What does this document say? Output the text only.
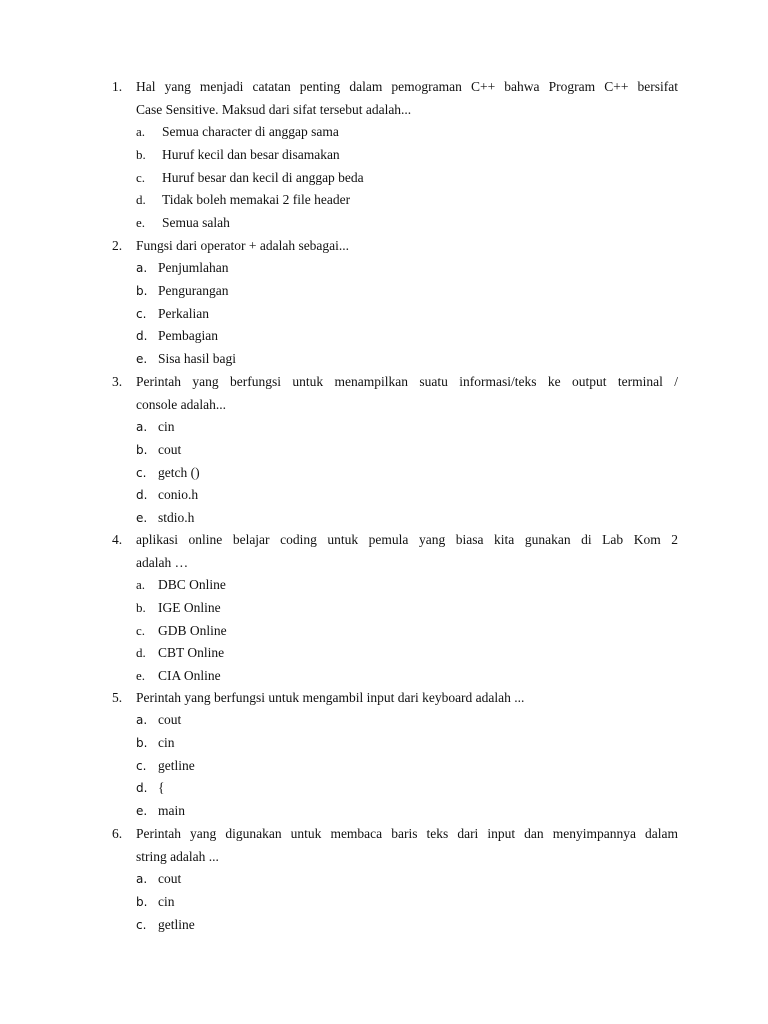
1. Hal yang menjadi catatan penting dalam pemograman C++ bahwa Program C++ bersifat
Case Sensitive. Maksud dari sifat tersebut adalah...
a. Semua character di anggap sama
b. Huruf kecil dan besar disamakan
c. Huruf besar dan kecil di anggap beda
d. Tidak boleh memakai 2 file header
e. Semua salah
2. Fungsi dari operator + adalah sebagai...
a. Penjumlahan
b. Pengurangan
c. Perkalian
d. Pembagian
e. Sisa hasil bagi
3. Perintah yang berfungsi untuk menampilkan suatu informasi/teks ke output terminal /
console adalah...
a. cin
b. cout
c. getch ()
d. conio.h
e. stdio.h
4. aplikasi online belajar coding untuk pemula yang biasa kita gunakan di Lab Kom 2
adalah …
a. DBC Online
b. IGE Online
c. GDB Online
d. CBT Online
e. CIA Online
5. Perintah yang berfungsi untuk mengambil input dari keyboard adalah ...
a. cout
b. cin
c. getline
d. {
e. main
6. Perintah yang digunakan untuk membaca baris teks dari input dan menyimpannya dalam
string adalah ...
a. cout
b. cin
c. getline
